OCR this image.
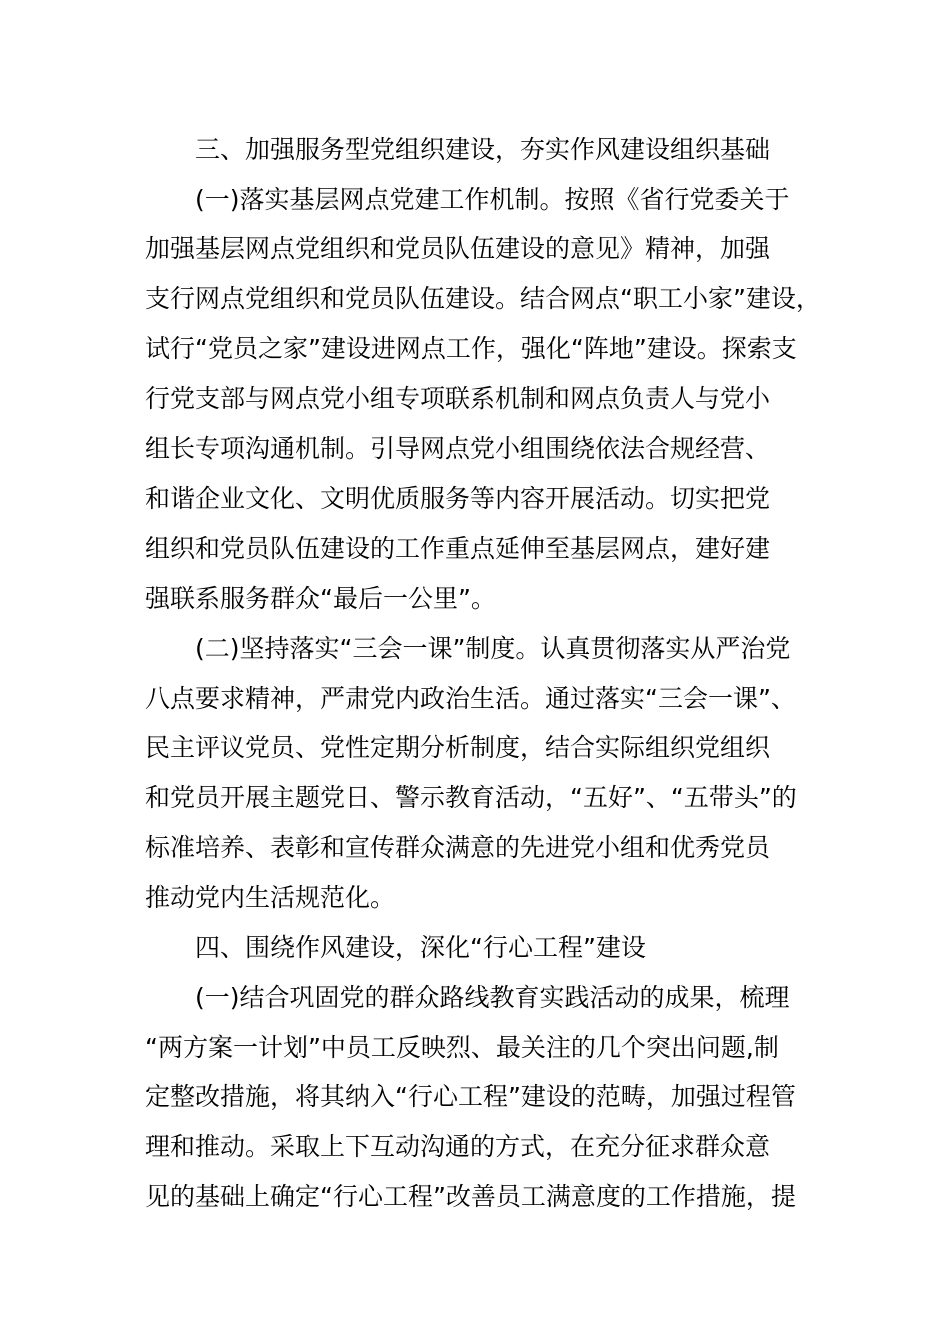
三、加强服务型党组织建设，夯实作风建设组织基础
(一)落实基层网点党建工作机制。按照《省行党委关于
加强基层网点党组织和党员队伍建设的意见》精神，加强
支行网点党组织和党员队伍建设。结合网点“职工小家”建设，
试行“党员之家”建设进网点工作，强化“阵地”建设。探索支
行党支部与网点党小组专项联系机制和网点负责人与党小
组长专项沟通机制。引导网点党小组围绕依法合规经营、
和谐企业文化、文明优质服务等内容开展活动。切实把党
组织和党员队伍建设的工作重点延伸至基层网点，建好建
强联系服务群众“最后一公里”。
(二)坚持落实“三会一课”制度。认真贯彻落实从严治党
八点要求精神，严肃党内政治生活。通过落实“三会一课”、
民主评议党员、党性定期分析制度，结合实际组织党组织
和党员开展主题党日、警示教育活动，“五好”、“五带头”的
标准培养、表彰和宣传群众满意的先进党小组和优秀党员
推动党内生活规范化。
四、围绕作风建设，深化“行心工程”建设
(一)结合巩固党的群众路线教育实践活动的成果，梳理
“两方案一计划”中员工反映烈、最关注的几个突出问题,制
定整改措施，将其纳入“行心工程”建设的范畴，加强过程管
理和推动。采取上下互动沟通的方式，在充分征求群众意
见的基础上确定“行心工程”改善员工满意度的工作措施，提
